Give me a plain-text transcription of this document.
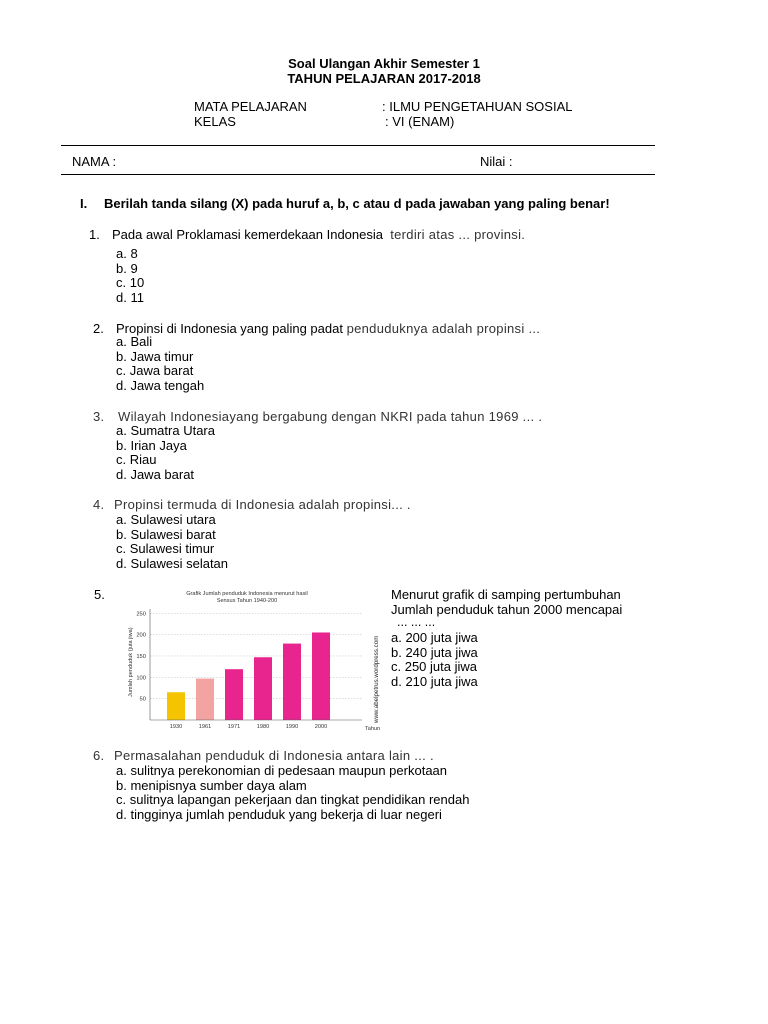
Soal Ulangan Akhir Semester 1
TAHUN PELAJARAN 2017-2018
MATA PELAJARAN	: ILMU PENGETAHUAN SOSIAL
KELAS	: VI (ENAM)
NAMA :	Nilai :
I. Berilah tanda silang (X) pada huruf a, b, c atau d pada jawaban yang paling benar!
1. Pada awal Proklamasi kemerdekaan Indonesia terdiri atas ... provinsi.
a. 8
b. 9
c. 10
d. 11
2. Propinsi di Indonesia yang paling padat penduduknya adalah propinsi ...
a. Bali
b. Jawa timur
c. Jawa barat
d. Jawa tengah
3. Wilayah Indonesiayang bergabung dengan NKRI pada tahun 1969 ... .
a. Sumatra Utara
b. Irian Jaya
c. Riau
d. Jawa barat
4. Propinsi termuda di Indonesia adalah propinsi... .
a. Sulawesi utara
b. Sulawesi barat
c. Sulawesi timur
d. Sulawesi selatan
5.	Grafik Jumlah penduduk Indonesia menurut hasil
Sensus Tahun 1940-200
50
100
150
200
250
1930	1961	1971	1980	1990	2000
Jumlah penduduk (juta jiwa)
Tahun
www.abelpetrus.wordpress.com
Menurut grafik di samping pertumbuhan
Jumlah penduduk tahun 2000 mencapai
... ... ...
a. 200 juta jiwa
b. 240 juta jiwa
c. 250 juta jiwa
d. 210 juta jiwa
6. Permasalahan penduduk di Indonesia antara lain ... .
a. sulitnya perekonomian di pedesaan maupun perkotaan
b. menipisnya sumber daya alam
c. sulitnya lapangan pekerjaan dan tingkat pendidikan rendah
d. tingginya jumlah penduduk yang bekerja di luar negeri
